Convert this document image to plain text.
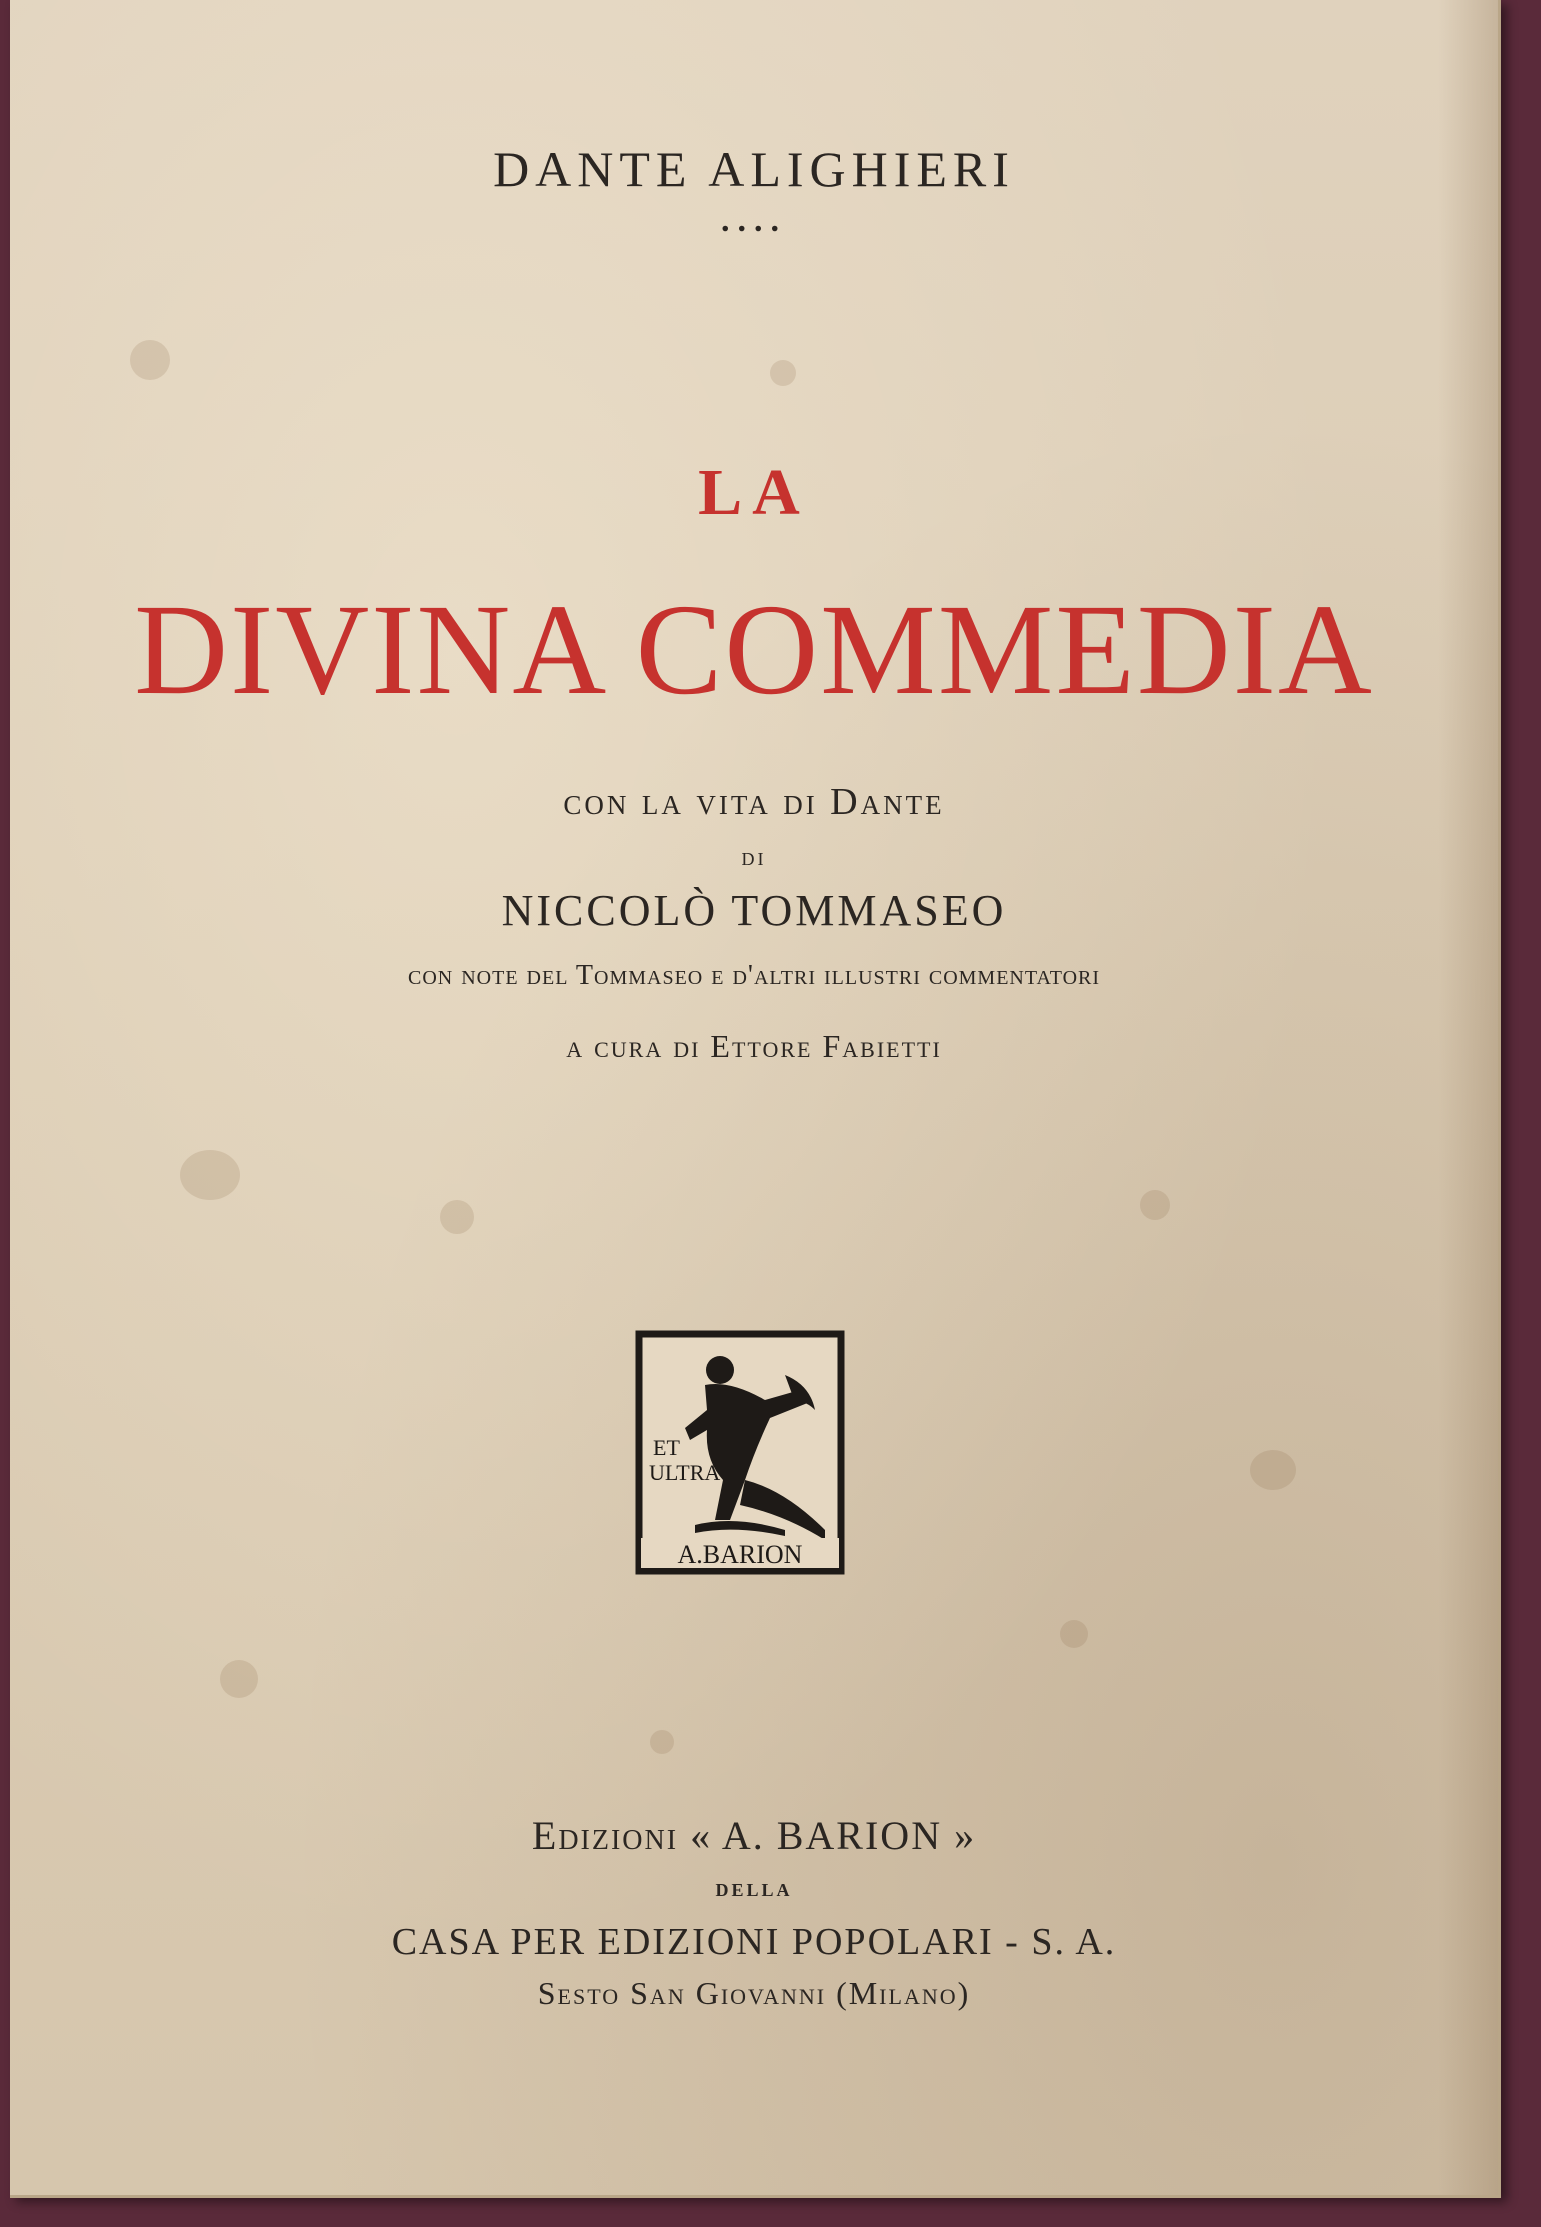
DANTE ALIGHIERI
....
LA
DIVINA COMMEDIA
con la vita di Dante
di
NICCOLÒ TOMMASEO
con note del Tommaseo e d'altri illustri commentatori
a cura di Ettore Fabietti
ET
ULTRA
A.BARION
Edizioni « A. BARION »
della
CASA PER EDIZIONI POPOLARI - S. A.
Sesto San Giovanni (Milano)
